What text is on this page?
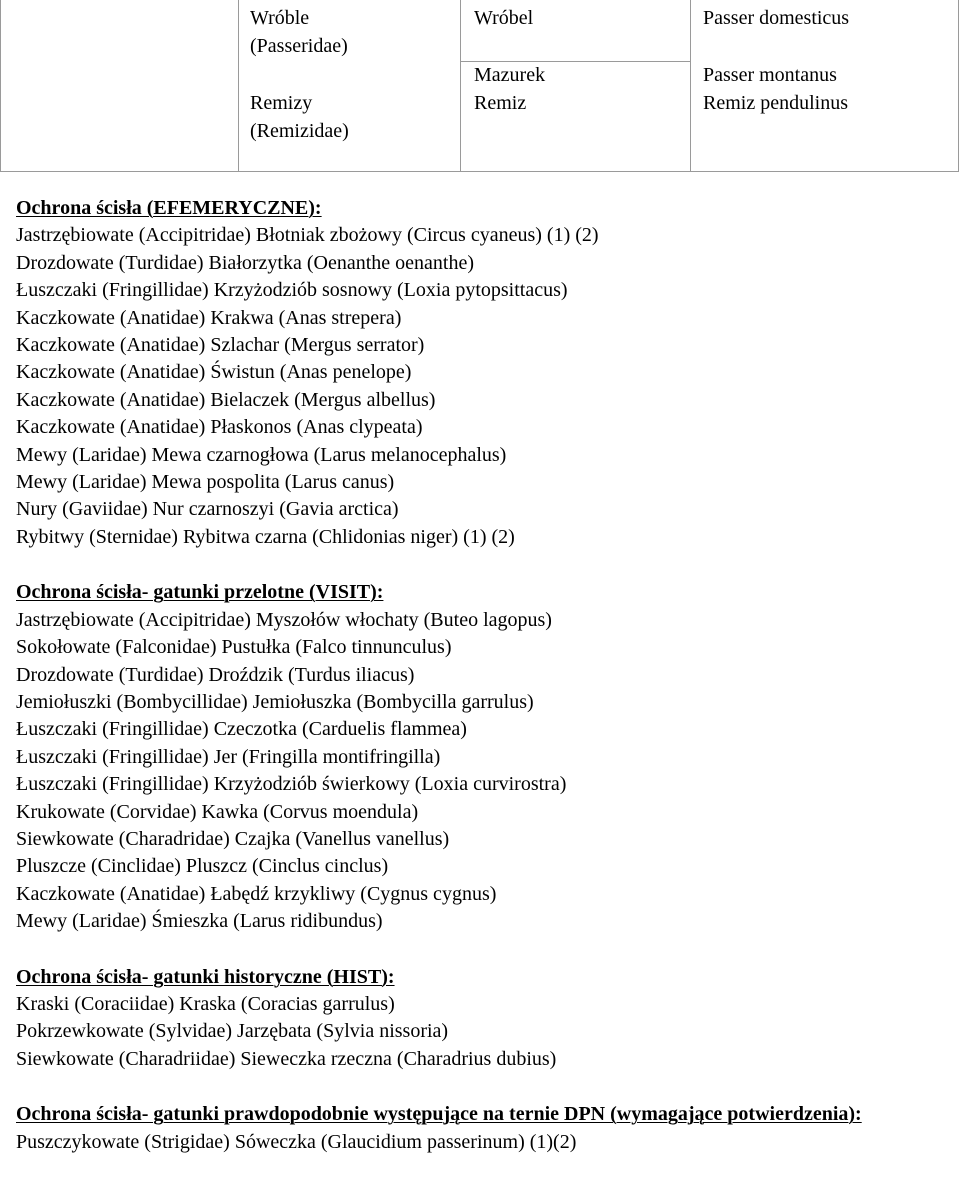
Wróble
(Passeridae)
Wróbel	Passer domesticus
Mazurek	Passer montanus
Remizy
(Remizidae)
Remiz	Remiz pendulinus
Ochrona ścisła (EFEMERYCZNE):
Jastrzębiowate (Accipitridae) Błotniak zbożowy (Circus cyaneus) (1) (2)
Drozdowate (Turdidae) Białorzytka (Oenanthe oenanthe)
Łuszczaki (Fringillidae) Krzyżodziób sosnowy (Loxia pytopsittacus)
Kaczkowate (Anatidae) Krakwa (Anas strepera)
Kaczkowate (Anatidae) Szlachar (Mergus serrator)
Kaczkowate (Anatidae) Świstun (Anas penelope)
Kaczkowate (Anatidae) Bielaczek (Mergus albellus)
Kaczkowate (Anatidae) Płaskonos (Anas clypeata)
Mewy (Laridae) Mewa czarnogłowa (Larus melanocephalus)
Mewy (Laridae) Mewa pospolita (Larus canus)
Nury (Gaviidae) Nur czarnoszyi (Gavia arctica)
Rybitwy (Sternidae) Rybitwa czarna (Chlidonias niger) (1) (2)
Ochrona ścisła- gatunki przelotne (VISIT):
Jastrzębiowate (Accipitridae) Myszołów włochaty (Buteo lagopus)
Sokołowate (Falconidae) Pustułka (Falco tinnunculus)
Drozdowate (Turdidae) Droździk (Turdus iliacus)
Jemiołuszki (Bombycillidae) Jemiołuszka (Bombycilla garrulus)
Łuszczaki (Fringillidae) Czeczotka (Carduelis flammea)
Łuszczaki (Fringillidae) Jer (Fringilla montifringilla)
Łuszczaki (Fringillidae) Krzyżodziób świerkowy (Loxia curvirostra)
Krukowate (Corvidae) Kawka (Corvus moendula)
Siewkowate (Charadridae) Czajka (Vanellus vanellus)
Pluszcze (Cinclidae) Pluszcz (Cinclus cinclus)
Kaczkowate (Anatidae) Łabędź krzykliwy (Cygnus cygnus)
Mewy (Laridae) Śmieszka (Larus ridibundus)
Ochrona ścisła- gatunki historyczne (HIST):
Kraski (Coraciidae) Kraska (Coracias garrulus)
Pokrzewkowate (Sylvidae) Jarzębata (Sylvia nissoria)
Siewkowate (Charadriidae) Sieweczka rzeczna (Charadrius dubius)
Ochrona ścisła- gatunki prawdopodobnie występujące na ternie DPN (wymagające potwierdzenia):
Puszczykowate (Strigidae) Sóweczka (Glaucidium passerinum) (1)(2)
